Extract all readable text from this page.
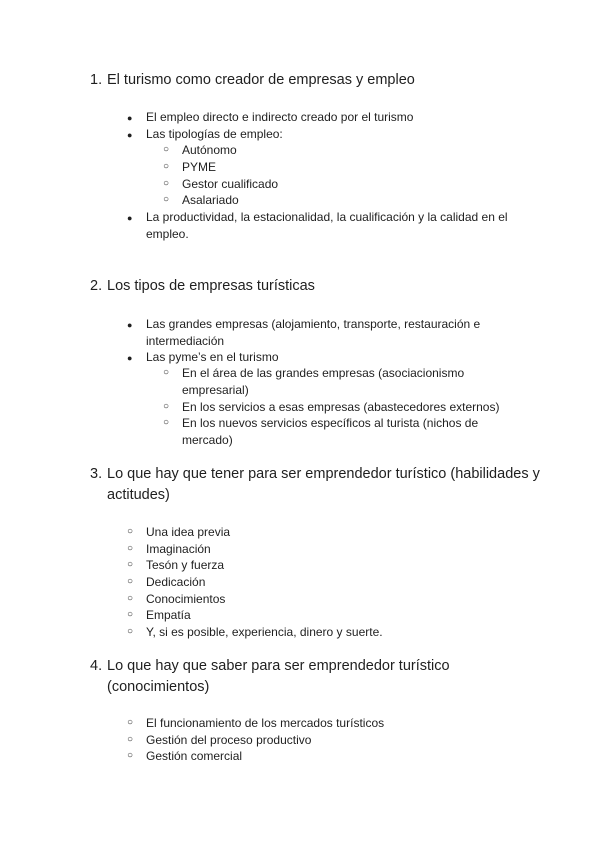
1. El turismo como creador de empresas y empleo
●	El empleo directo e indirecto creado por el turismo
●	Las tipologías de empleo:
○	Autónomo
○	PYME
○	Gestor cualificado
○	Asalariado
●	La productividad, la estacionalidad, la cualificación y la calidad en el empleo.
2. Los tipos de empresas turísticas
●	Las grandes empresas (alojamiento, transporte, restauración e intermediación
●	Las pyme’s en el turismo
○	En el área de las grandes empresas (asociacionismo empresarial)
○	En los servicios a esas empresas (abastecedores externos)
○	En los nuevos servicios específicos al turista (nichos de mercado)
3. Lo que hay que tener para ser emprendedor turístico (habilidades y actitudes)
○	Una idea previa
○	Imaginación
○	Tesón y fuerza
○	Dedicación
○	Conocimientos
○	Empatía
○	Y, si es posible, experiencia, dinero y suerte.
4. Lo que hay que saber para ser emprendedor turístico (conocimientos)
○	El funcionamiento de los mercados turísticos
○	Gestión del proceso productivo
○	Gestión comercial
